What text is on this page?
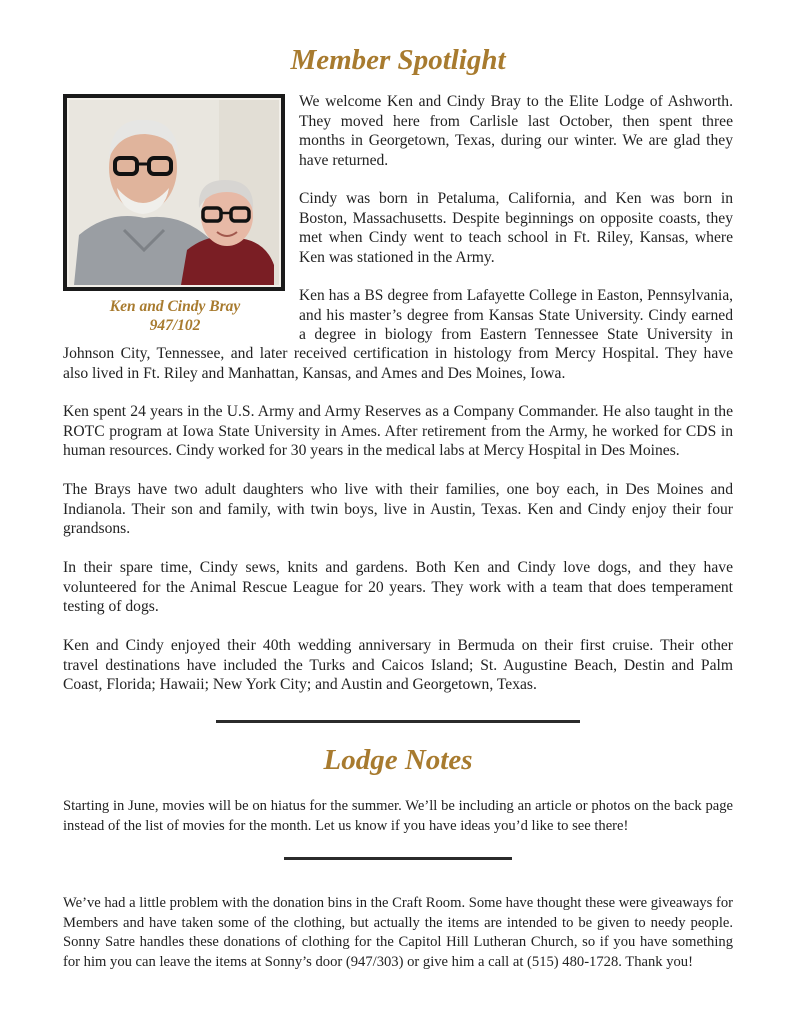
Member Spotlight
Ken and Cindy Bray
947/102
We welcome Ken and Cindy Bray to the Elite Lodge of Ashworth.
They moved here from Carlisle last October, then spent three
months in Georgetown, Texas, during our winter. We are glad they
have returned.
Cindy was born in Petaluma, California, and Ken was born in
Boston, Massachusetts. Despite beginnings on opposite coasts, they
met when Cindy went to teach school in Ft. Riley, Kansas, where
Ken was stationed in the Army.
Ken has a BS degree from Lafayette College in Easton, Pennsylvania,
and his master’s degree from Kansas State University. Cindy earned
a degree in biology from Eastern Tennessee State University in
Johnson City, Tennessee, and later received certification in histology from Mercy Hospital. They have
also lived in Ft. Riley and Manhattan, Kansas, and Ames and Des Moines, Iowa.
Ken spent 24 years in the U.S. Army and Army Reserves as a Company Commander. He also taught in the
ROTC program at Iowa State University in Ames. After retirement from the Army, he worked for CDS in
human resources. Cindy worked for 30 years in the medical labs at Mercy Hospital in Des Moines.
The Brays have two adult daughters who live with their families, one boy each, in Des Moines and
Indianola. Their son and family, with twin boys, live in Austin, Texas. Ken and Cindy enjoy their four
grandsons.
In their spare time, Cindy sews, knits and gardens. Both Ken and Cindy love dogs, and they have
volunteered for the Animal Rescue League for 20 years. They work with a team that does temperament
testing of dogs.
Ken and Cindy enjoyed their 40th wedding anniversary in Bermuda on their first cruise. Their other
travel destinations have included the Turks and Caicos Island; St. Augustine Beach, Destin and Palm
Coast, Florida; Hawaii; New York City; and Austin and Georgetown, Texas.
Lodge Notes
Starting in June, movies will be on hiatus for the summer. We’ll be including an article or photos on the back page
instead of the list of movies for the month. Let us know if you have ideas you’d like to see there!
We’ve had a little problem with the donation bins in the Craft Room. Some have thought these were giveaways for
Members and have taken some of the clothing, but actually the items are intended to be given to needy people.
Sonny Satre handles these donations of clothing for the Capitol Hill Lutheran Church, so if you have something
for him you can leave the items at Sonny’s door (947/303) or give him a call at (515) 480-1728. Thank you!
